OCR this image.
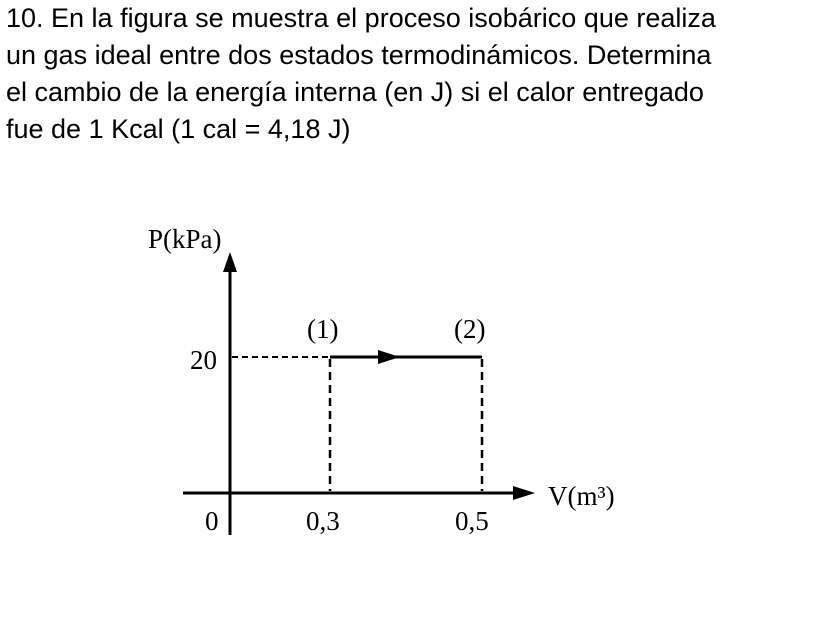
10. En la figura se muestra el proceso isobárico que realiza
un gas ideal entre dos estados termodinámicos. Determina
el cambio de la energía interna (en J) si el calor entregado
fue de 1 Kcal (1 cal = 4,18 J)
P(kPa)
V(m³)
20
(1)	(2)
0	0,3	0,5
